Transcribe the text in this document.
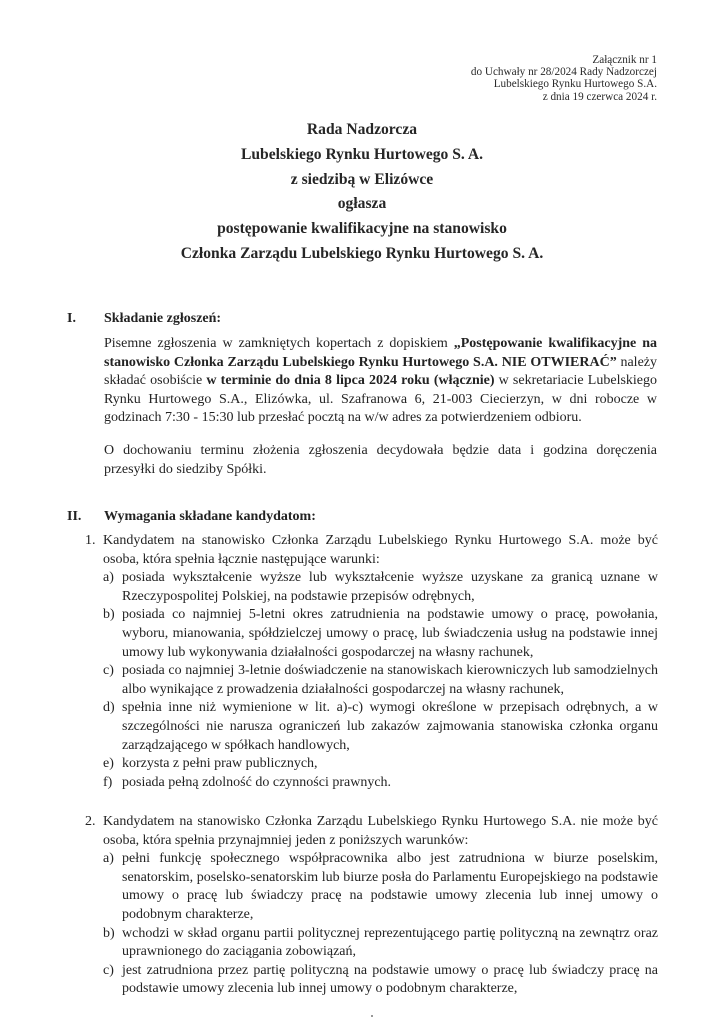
Załącznik nr 1
do Uchwały nr 28/2024 Rady Nadzorczej
Lubelskiego Rynku Hurtowego S.A.
z dnia 19 czerwca 2024 r.
Rada Nadzorcza
Lubelskiego Rynku Hurtowego S. A.
z siedzibą w Elizówce
ogłasza
postępowanie kwalifikacyjne na stanowisko
Członka Zarządu Lubelskiego Rynku Hurtowego S. A.
I. Składanie zgłoszeń:
Pisemne zgłoszenia w zamkniętych kopertach z dopiskiem „Postępowanie kwalifikacyjne na stanowisko Członka Zarządu Lubelskiego Rynku Hurtowego S.A. NIE OTWIERAĆ” należy składać osobiście w terminie do dnia 8 lipca 2024 roku (włącznie) w sekretariacie Lubelskiego Rynku Hurtowego S.A., Elizówka, ul. Szafranowa 6, 21-003 Ciecierzyn, w dni robocze w godzinach 7:30 - 15:30 lub przesłać pocztą na w/w adres za potwierdzeniem odbioru.
O dochowaniu terminu złożenia zgłoszenia decydowała będzie data i godzina doręczenia przesyłki do siedziby Spółki.
II. Wymagania składane kandydatom:
1. Kandydatem na stanowisko Członka Zarządu Lubelskiego Rynku Hurtowego S.A. może być osoba, która spełnia łącznie następujące warunki:
a) posiada wykształcenie wyższe lub wykształcenie wyższe uzyskane za granicą uznane w Rzeczypospolitej Polskiej, na podstawie przepisów odrębnych,
b) posiada co najmniej 5-letni okres zatrudnienia na podstawie umowy o pracę, powołania, wyboru, mianowania, spółdzielczej umowy o pracę, lub świadczenia usług na podstawie innej umowy lub wykonywania działalności gospodarczej na własny rachunek,
c) posiada co najmniej 3-letnie doświadczenie na stanowiskach kierowniczych lub samodzielnych albo wynikające z prowadzenia działalności gospodarczej na własny rachunek,
d) spełnia inne niż wymienione w lit. a)-c) wymogi określone w przepisach odrębnych, a w szczególności nie narusza ograniczeń lub zakazów zajmowania stanowiska członka organu zarządzającego w spółkach handlowych,
e) korzysta z pełni praw publicznych,
f) posiada pełną zdolność do czynności prawnych.
2. Kandydatem na stanowisko Członka Zarządu Lubelskiego Rynku Hurtowego S.A. nie może być osoba, która spełnia przynajmniej jeden z poniższych warunków:
a) pełni funkcję społecznego współpracownika albo jest zatrudniona w biurze poselskim, senatorskim, poselsko-senatorskim lub biurze posła do Parlamentu Europejskiego na podstawie umowy o pracę lub świadczy pracę na podstawie umowy zlecenia lub innej umowy o podobnym charakterze,
b) wchodzi w skład organu partii politycznej reprezentującego partię polityczną na zewnątrz oraz uprawnionego do zaciągania zobowiązań,
c) jest zatrudniona przez partię polityczną na podstawie umowy o pracę lub świadczy pracę na podstawie umowy zlecenia lub innej umowy o podobnym charakterze,
